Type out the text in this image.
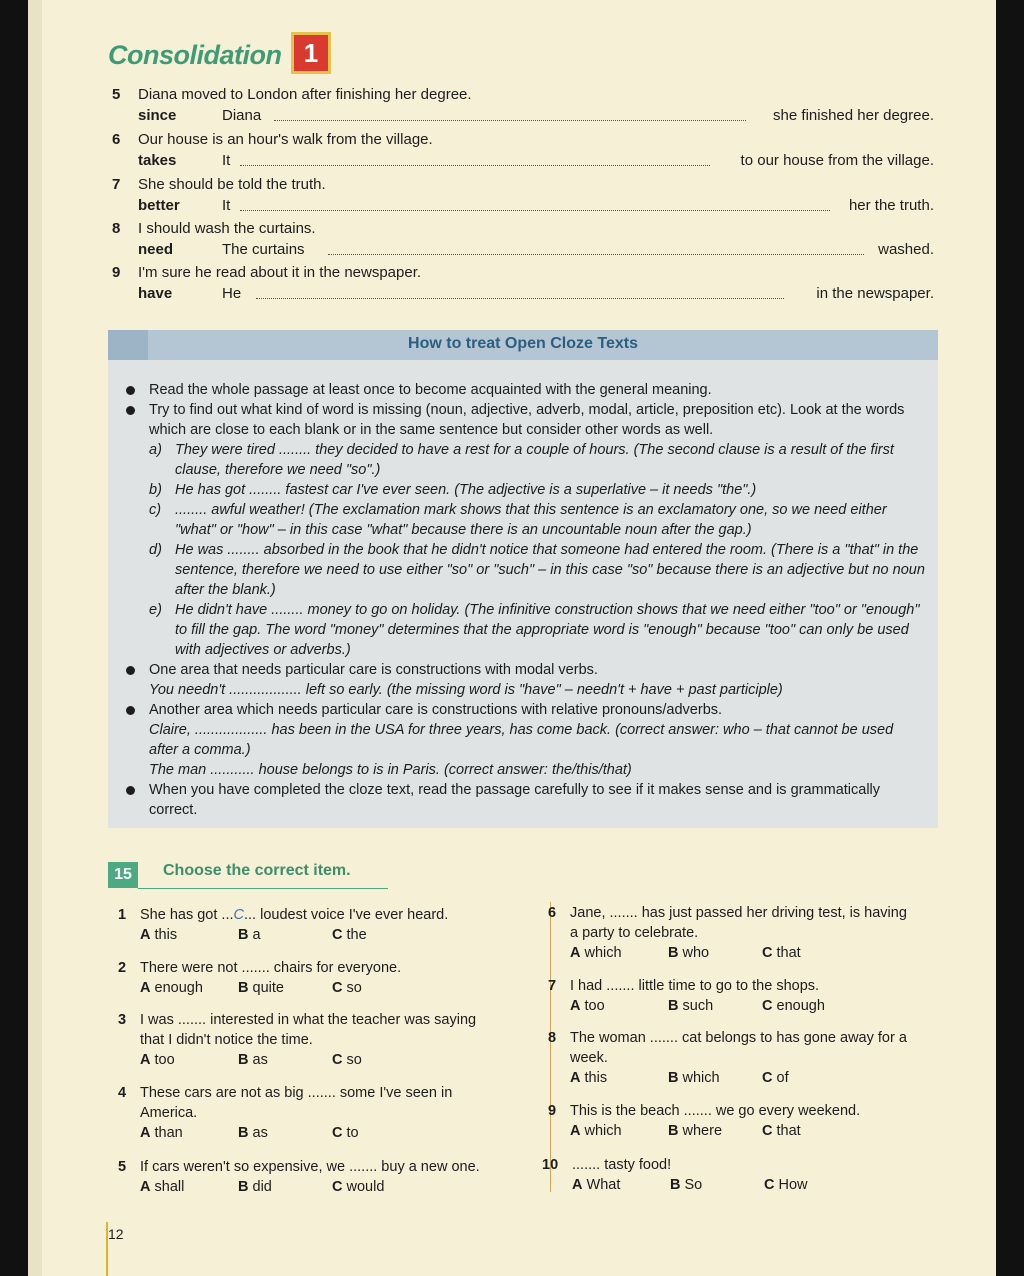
Consolidation 1
5 Diana moved to London after finishing her degree.
since	Diana	she finished her degree.
6 Our house is an hour's walk from the village.
takes	It	to our house from the village.
7 She should be told the truth.
better	It	her the truth.
8 I should wash the curtains.
need	The curtains	washed.
9 I'm sure he read about it in the newspaper.
have	He	in the newspaper.
How to treat Open Cloze Texts

Read the whole passage at least once to become acquainted with the general meaning.

Try to find out what kind of word is missing (noun, adjective, adverb, modal, article, preposition etc). Look at the words which are close to each blank or in the same sentence but consider other words as well.

a) They were tired ........ they decided to have a rest for a couple of hours. (The second clause is a result of the first clause, therefore we need "so".)

b) He has got ........ fastest car I've ever seen. (The adjective is a superlative – it needs "the".)

c) ........ awful weather! (The exclamation mark shows that this sentence is an exclamatory one, so we need either "what" or "how" – in this case "what" because there is an uncountable noun after the gap.)

d) He was ........ absorbed in the book that he didn't notice that someone had entered the room. (There is a "that" in the sentence, therefore we need to use either "so" or "such" – in this case "so" because there is an adjective but no noun after the blank.)

e) He didn't have ........ money to go on holiday. (The infinitive construction shows that we need either "too" or "enough" to fill the gap. The word "money" determines that the appropriate word is "enough" because "too" can only be used with adjectives or adverbs.)

One area that needs particular care is constructions with modal verbs.

You needn't .................. left so early. (the missing word is "have" – needn't + have + past participle)

Another area which needs particular care is constructions with relative pronouns/adverbs.

Claire, .................. has been in the USA for three years, has come back. (correct answer: who – that cannot be used after a comma.)

The man ........... house belongs to is in Paris. (correct answer: the/this/that)

When you have completed the cloze text, read the passage carefully to see if it makes sense and is grammatically correct.

15	Choose the correct item.
1 She has got ...C... loudest voice I've ever heard.
A this	B a	C the
2 There were not ....... chairs for everyone.
A enough B quite	C so
3 I was ....... interested in what the teacher was saying that I didn't notice the time.
A too	B as	C so
4 These cars are not as big ....... some I've seen in America.
A than	B as	C to
5 If cars weren't so expensive, we ....... buy a new one.
A shall	B did	C would
6 Jane, ....... has just passed her driving test, is having a party to celebrate.
A which	B who	C that
7 I had ....... little time to go to the shops.
A too	B such	C enough
8 The woman ....... cat belongs to has gone away for a week.
A this	B which	C of
9 This is the beach ....... we go every weekend.
A which	B where	C that
10 ....... tasty food!
A What	B So	C How
12
